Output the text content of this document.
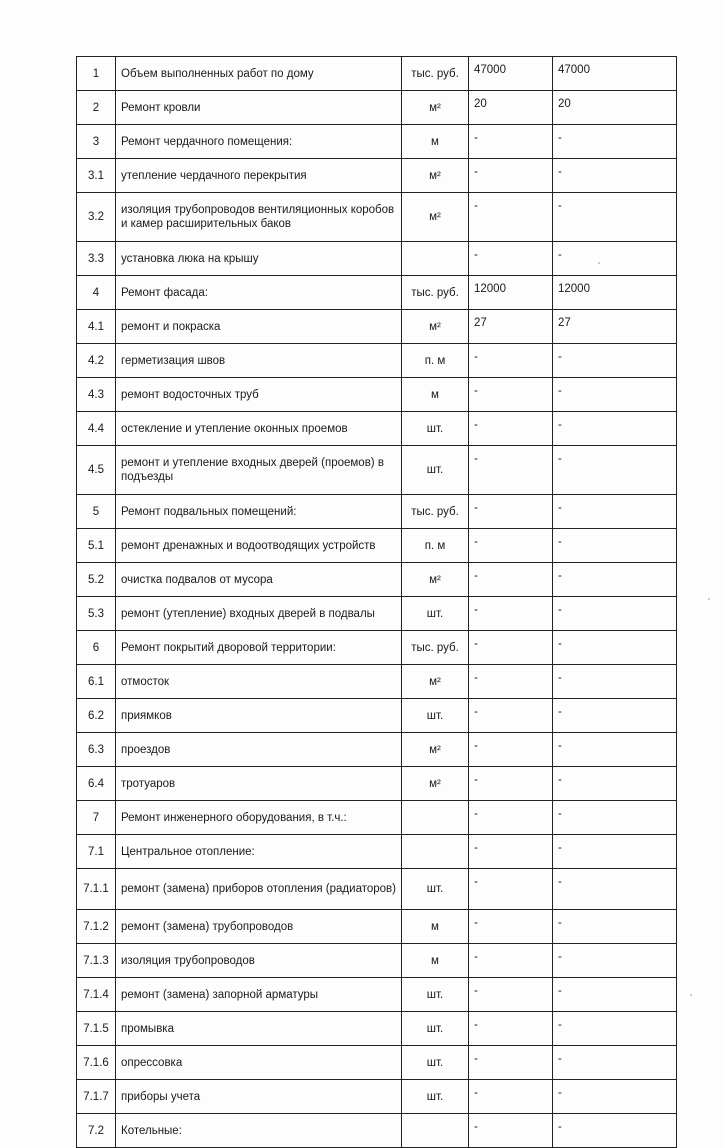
1	Объем выполненных работ по дому	тыс. руб.	47000	47000
2	Ремонт кровли	м²	20	20
3	Ремонт чердачного помещения:	м	-	-
3.1	утепление чердачного перекрытия	м²	-	-
3.2	изоляция трубопроводов вентиляционных коробов и камер расширительных баков	м²	-	-
3.3	установка люка на крышу		-	-
4	Ремонт фасада:	тыс. руб.	12000	12000
4.1	ремонт и покраска	м²	27	27
4.2	герметизация швов	п. м	-	-
4.3	ремонт водосточных труб	м	-	-
4.4	остекление и утепление оконных проемов	шт.	-	-
4.5	ремонт и утепление входных дверей (проемов) в подъезды	шт.	-	-
5	Ремонт подвальных помещений:	тыс. руб.	-	-
5.1	ремонт дренажных и водоотводящих устройств	п. м	-	-
5.2	очистка подвалов от мусора	м²	-	-
5.3	ремонт (утепление) входных дверей в подвалы	шт.	-	-
6	Ремонт покрытий дворовой территории:	тыс. руб.	-	-
6.1	отмосток	м²	-	-
6.2	приямков	шт.	-	-
6.3	проездов	м²	-	-
6.4	тротуаров	м²	-	-
7	Ремонт инженерного оборудования, в т.ч.:		-	-
7.1	Центральное отопление:		-	-
7.1.1	ремонт (замена) приборов отопления (радиаторов)	шт.	-	-
7.1.2	ремонт (замена) трубопроводов	м	-	-
7.1.3	изоляция трубопроводов	м	-	-
7.1.4	ремонт (замена) запорной арматуры	шт.	-	-
7.1.5	промывка	шт.	-	-
7.1.6	опрессовка	шт.	-	-
7.1.7	приборы учета	шт.	-	-
7.2	Котельные:		-	-
